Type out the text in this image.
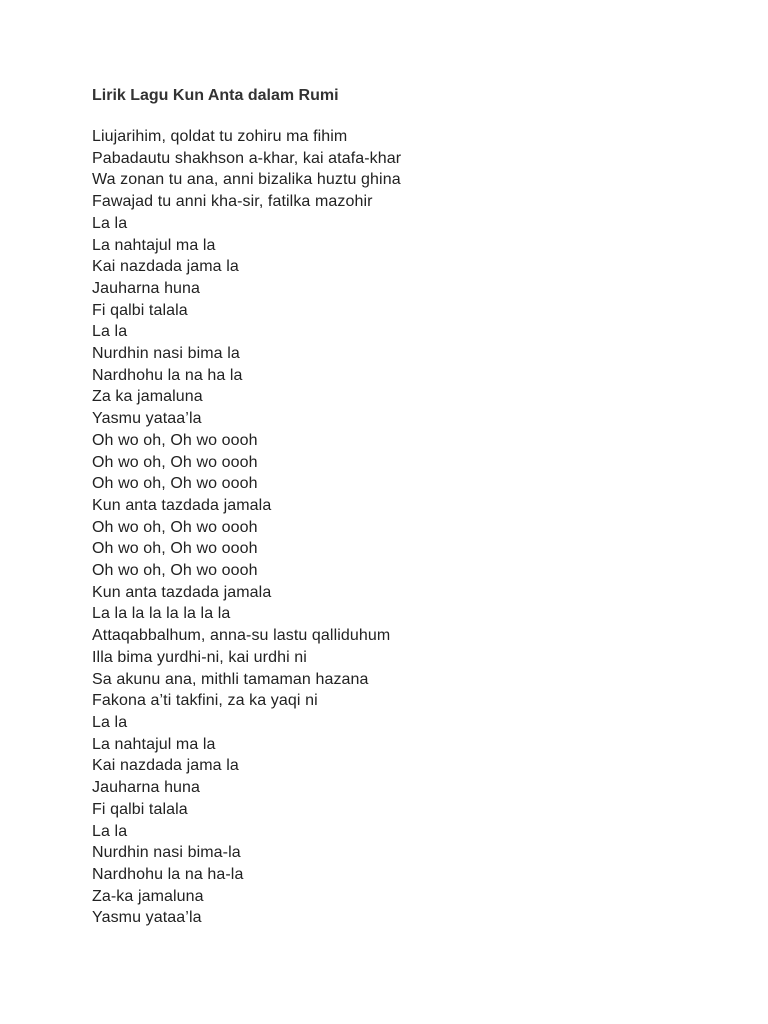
Lirik Lagu Kun Anta dalam Rumi
Liujarihim, qoldat tu zohiru ma fihim
Pabadautu shakhson a-khar, kai atafa-khar
Wa zonan tu ana, anni bizalika huztu ghina
Fawajad tu anni kha-sir, fatilka mazohir
La la
La nahtajul ma la
Kai nazdada jama la
Jauharna huna
Fi qalbi talala
La la
Nurdhin nasi bima la
Nardhohu la na ha la
Za ka jamaluna
Yasmu yataa’la
Oh wo oh, Oh wo oooh
Oh wo oh, Oh wo oooh
Oh wo oh, Oh wo oooh
Kun anta tazdada jamala
Oh wo oh, Oh wo oooh
Oh wo oh, Oh wo oooh
Oh wo oh, Oh wo oooh
Kun anta tazdada jamala
La la la la la la la la
Attaqabbalhum, anna-su lastu qalliduhum
Illa bima yurdhi-ni, kai urdhi ni
Sa akunu ana, mithli tamaman hazana
Fakona a’ti takfini, za ka yaqi ni
La la
La nahtajul ma la
Kai nazdada jama la
Jauharna huna
Fi qalbi talala
La la
Nurdhin nasi bima-la
Nardhohu la na ha-la
Za-ka jamaluna
Yasmu yataa’la
